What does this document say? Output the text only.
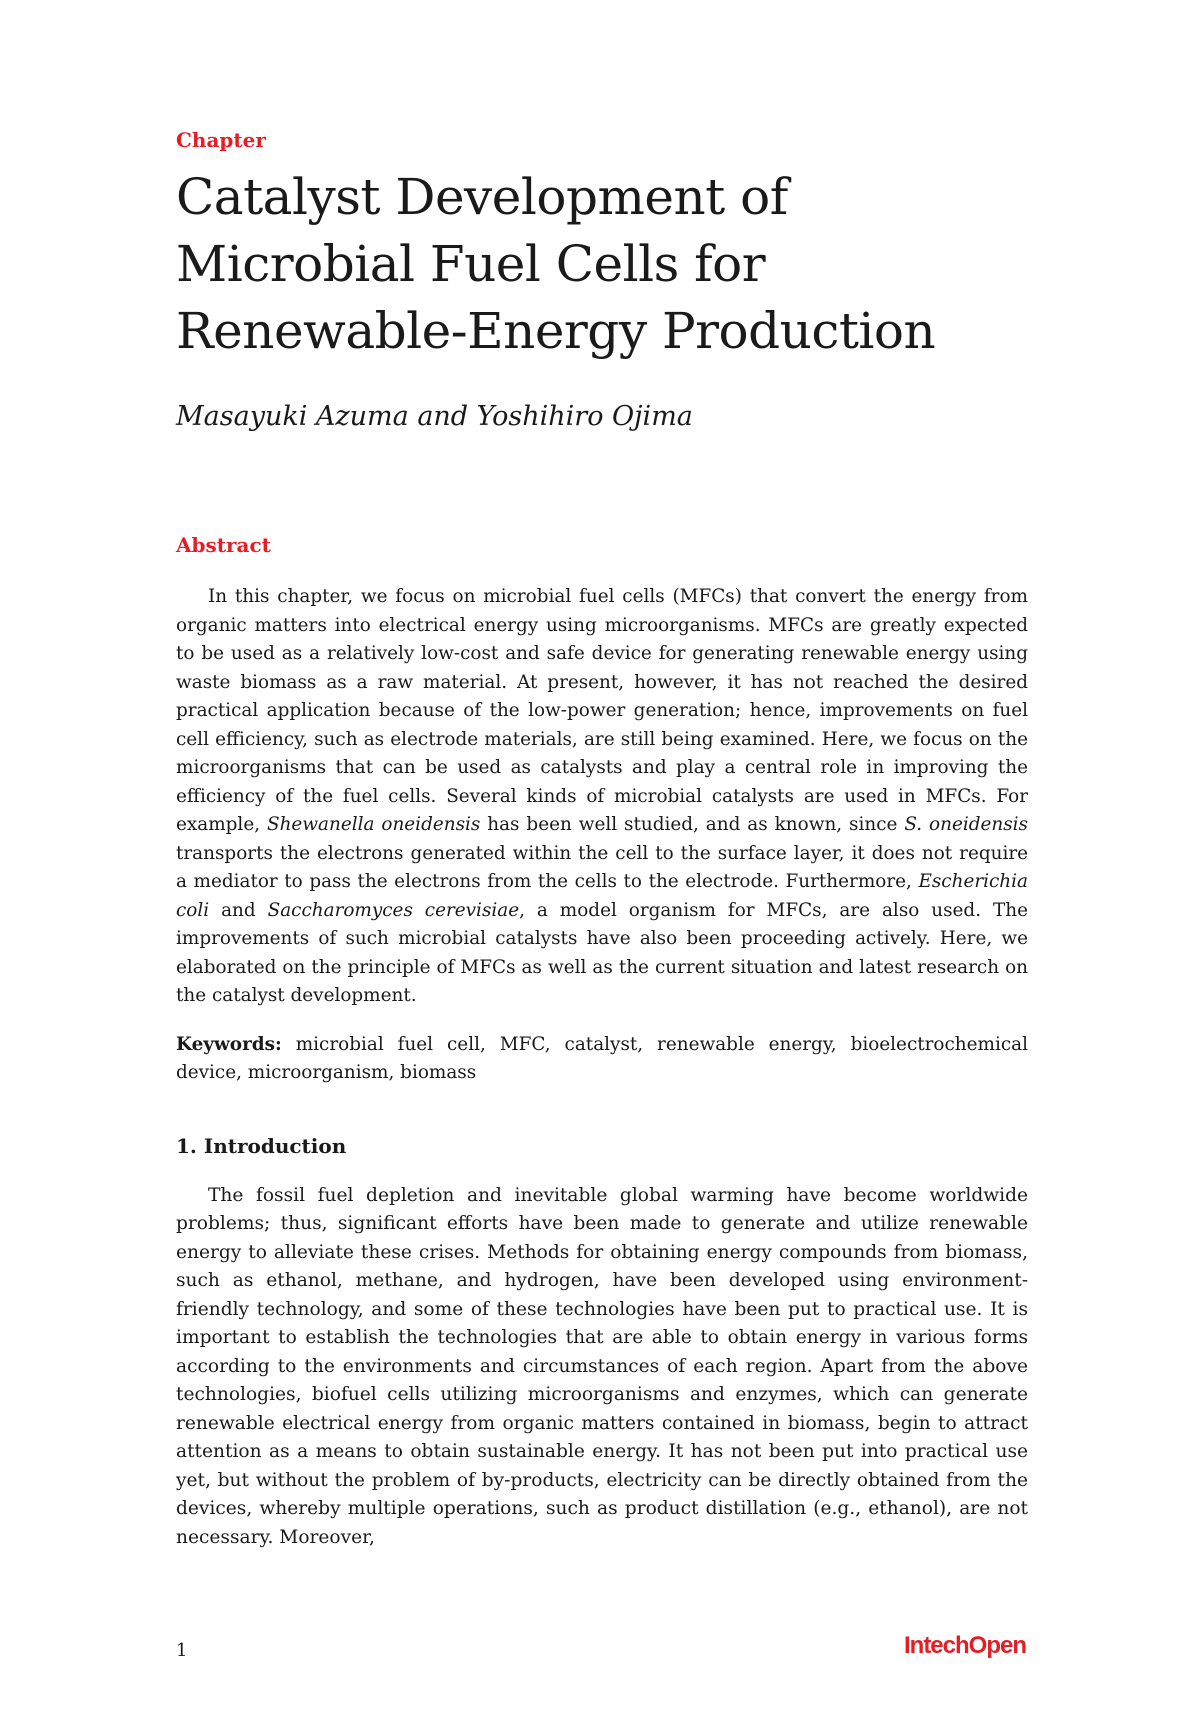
Chapter
Catalyst Development of Microbial Fuel Cells for Renewable-Energy Production
Masayuki Azuma and Yoshihiro Ojima
Abstract

In this chapter, we focus on microbial fuel cells (MFCs) that convert the energy from organic matters into electrical energy using microorganisms. MFCs are greatly expected to be used as a relatively low-cost and safe device for generating renewable energy using waste biomass as a raw material. At present, however, it has not reached the desired practical application because of the low-power generation; hence, improvements on fuel cell efficiency, such as electrode materials, are still being examined. Here, we focus on the microorganisms that can be used as catalysts and play a central role in improving the efficiency of the fuel cells. Several kinds of microbial catalysts are used in MFCs. For example, Shewanella oneidensis has been well studied, and as known, since S. oneidensis transports the electrons generated within the cell to the surface layer, it does not require a mediator to pass the electrons from the cells to the electrode. Furthermore, Escherichia coli and Saccharomyces cerevisiae, a model organism for MFCs, are also used. The improvements of such microbial catalysts have also been proceeding actively. Here, we elaborated on the principle of MFCs as well as the current situation and latest research on the catalyst development.

Keywords: microbial fuel cell, MFC, catalyst, renewable energy, bioelectrochemical device, microorganism, biomass

1. Introduction

The fossil fuel depletion and inevitable global warming have become worldwide problems; thus, significant efforts have been made to generate and utilize renewable energy to alleviate these crises. Methods for obtaining energy compounds from biomass, such as ethanol, methane, and hydrogen, have been developed using environment-friendly technology, and some of these technologies have been put to practical use. It is important to establish the technologies that are able to obtain energy in various forms according to the environments and circumstances of each region. Apart from the above technologies, biofuel cells utilizing microorganisms and enzymes, which can generate renewable electrical energy from organic matters contained in biomass, begin to attract attention as a means to obtain sustainable energy. It has not been put into practical use yet, but without the problem of by-products, electricity can be directly obtained from the devices, whereby multiple operations, such as product distillation (e.g., ethanol), are not necessary. Moreover,

1	IntechOpen
